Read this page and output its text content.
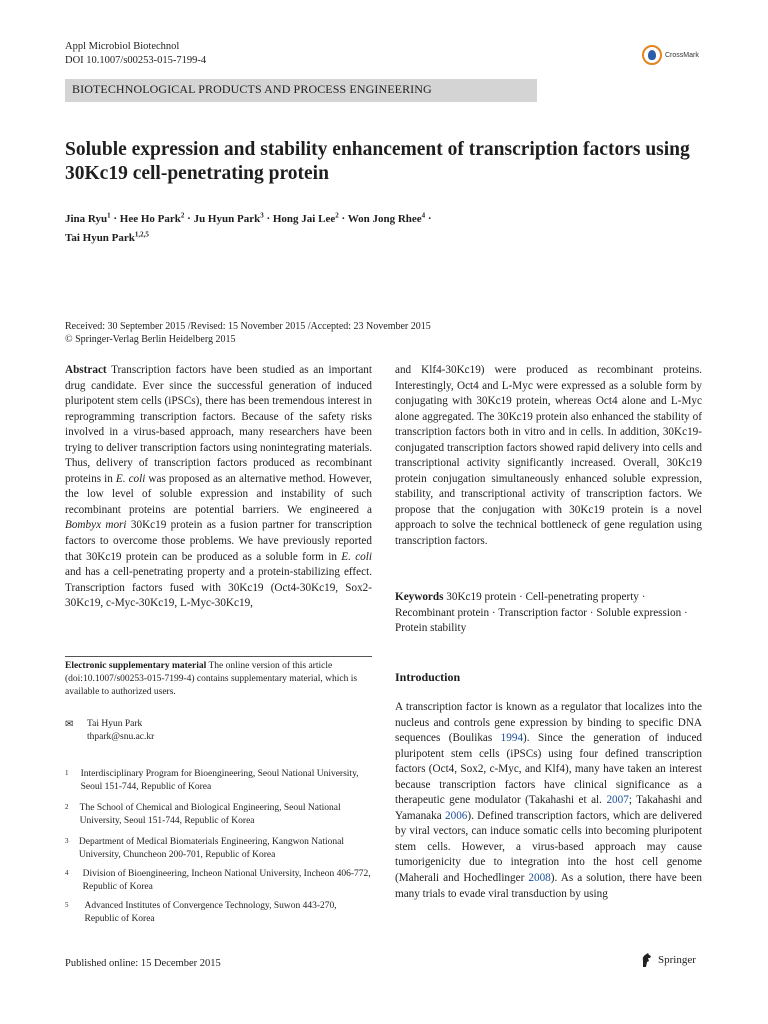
Appl Microbiol Biotechnol
DOI 10.1007/s00253-015-7199-4	CrossMark
BIOTECHNOLOGICAL PRODUCTS AND PROCESS ENGINEERING
Soluble expression and stability enhancement of transcription factors using 30Kc19 cell-penetrating protein
Jina Ryu$^1$ · Hee Ho Park$^2$ · Ju Hyun Park$^3$ · Hong Jai Lee$^2$ · Won Jong Rhee$^4$ ·
Tai Hyun Park$^{1,2,5}$
Received: 30 September 2015 /Revised: 15 November 2015 /Accepted: 23 November 2015
© Springer-Verlag Berlin Heidelberg 2015
Abstract Transcription factors have been studied as an important drug candidate. Ever since the successful generation of induced pluripotent stem cells (iPSCs), there has been tremendous interest in reprogramming transcription factors. Because of the safety risks involved in a virus-based approach, many researchers have been trying to deliver transcription factors using nonintegrating materials. Thus, delivery of transcription factors produced as recombinant proteins in E. coli was proposed as an alternative method. However, the low level of soluble expression and instability of such recombinant proteins are potential barriers. We engineered a Bombyx mori 30Kc19 protein as a fusion partner for transcription factors to overcome those problems. We have previously reported that 30Kc19 protein can be produced as a soluble form in E. coli and has a cell-penetrating property and a protein-stabilizing effect. Transcription factors fused with 30Kc19 (Oct4-30Kc19, Sox2-30Kc19, c-Myc-30Kc19, L-Myc-30Kc19,
and Klf4-30Kc19) were produced as recombinant proteins. Interestingly, Oct4 and L-Myc were expressed as a soluble form by conjugating with 30Kc19 protein, whereas Oct4 alone and L-Myc alone aggregated. The 30Kc19 protein also enhanced the stability of transcription factors both in vitro and in cells. In addition, 30Kc19-conjugated transcription factors showed rapid delivery into cells and transcriptional activity significantly increased. Overall, 30Kc19 protein conjugation simultaneously enhanced soluble expression, stability, and transcriptional activity of transcription factors. We propose that the conjugation with 30Kc19 protein is a novel approach to solve the technical bottleneck of gene regulation using transcription factors.
Keywords 30Kc19 protein · Cell-penetrating property · Recombinant protein · Transcription factor · Soluble expression · Protein stability
Electronic supplementary material The online version of this article (doi:10.1007/s00253-015-7199-4) contains supplementary material, which is available to authorized users.
✉	Tai Hyun Park
thpark@snu.ac.kr
1	Interdisciplinary Program for Bioengineering, Seoul National University, Seoul 151-744, Republic of Korea
2	The School of Chemical and Biological Engineering, Seoul National University, Seoul 151-744, Republic of Korea
3	Department of Medical Biomaterials Engineering, Kangwon National University, Chuncheon 200-701, Republic of Korea
4	Division of Bioengineering, Incheon National University, Incheon 406-772, Republic of Korea
5	Advanced Institutes of Convergence Technology, Suwon 443-270, Republic of Korea
Introduction
A transcription factor is known as a regulator that localizes into the nucleus and controls gene expression by binding to specific DNA sequences (Boulikas 1994). Since the generation of induced pluripotent stem cells (iPSCs) using four defined transcription factors (Oct4, Sox2, c-Myc, and Klf4), many have taken an interest because transcription factors have clinical significance as a therapeutic gene modulator (Takahashi et al. 2007; Takahashi and Yamanaka 2006). Defined transcription factors, which are delivered by viral vectors, can induce somatic cells into becoming pluripotent stem cells. However, a virus-based approach may cause tumorigenicity due to integration into the host cell genome (Maherali and Hochedlinger 2008). As a solution, there have been many trials to evade viral transduction by using
Published online: 15 December 2015	Springer
